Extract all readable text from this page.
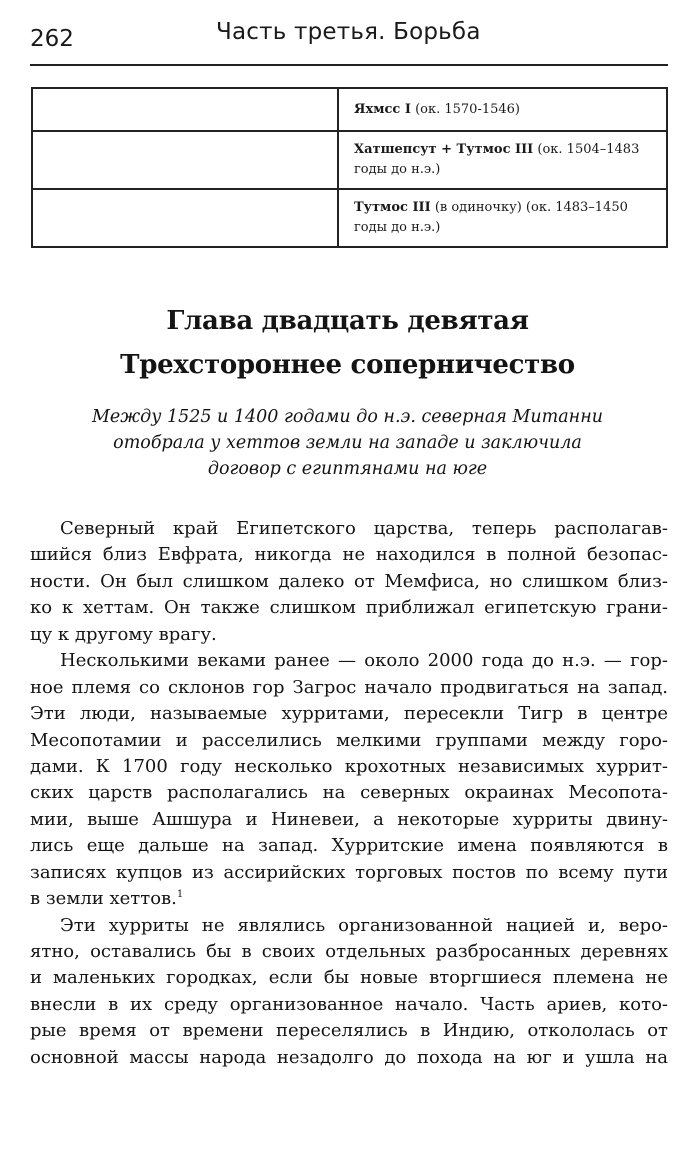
262	Часть третья. Борьба
	Яхмсс I (ок. 1570-1546)
	Хатшепсут + Тутмос III (ок. 1504–1483
годы до н.э.)
	Тутмос III (в одиночку) (ок. 1483–1450
годы до н.э.)
Глава двадцать девятая
Трехстороннее соперничество
Между 1525 и 1400 годами до н.э. северная Митанни
отобрала у хеттов земли на западе и заключила
договор с египтянами на юге
Северный край Египетского царства, теперь располагав-
шийся близ Евфрата, никогда не находился в полной безопас-
ности. Он был слишком далеко от Мемфиса, но слишком близ-
ко к хеттам. Он также слишком приближал египетскую грани-
цу к другому врагу.
Несколькими веками ранее — около 2000 года до н.э. — гор-
ное племя со склонов гор Загрос начало продвигаться на запад.
Эти люди, называемые хурритами, пересекли Тигр в центре
Месопотамии и расселились мелкими группами между горо-
дами. К 1700 году несколько крохотных независимых хуррит-
ских царств располагались на северных окраинах Месопота-
мии, выше Ашшура и Ниневеи, а некоторые хурриты двину-
лись еще дальше на запад. Хурритские имена появляются в
записях купцов из ассирийских торговых постов по всему пути
в земли хеттов.$^1$
Эти хурриты не являлись организованной нацией и, веро-
ятно, оставались бы в своих отдельных разбросанных деревнях
и маленьких городках, если бы новые вторгшиеся племена не
внесли в их среду организованное начало. Часть ариев, кото-
рые время от времени переселялись в Индию, откололась от
основной массы народа незадолго до похода на юг и ушла на
